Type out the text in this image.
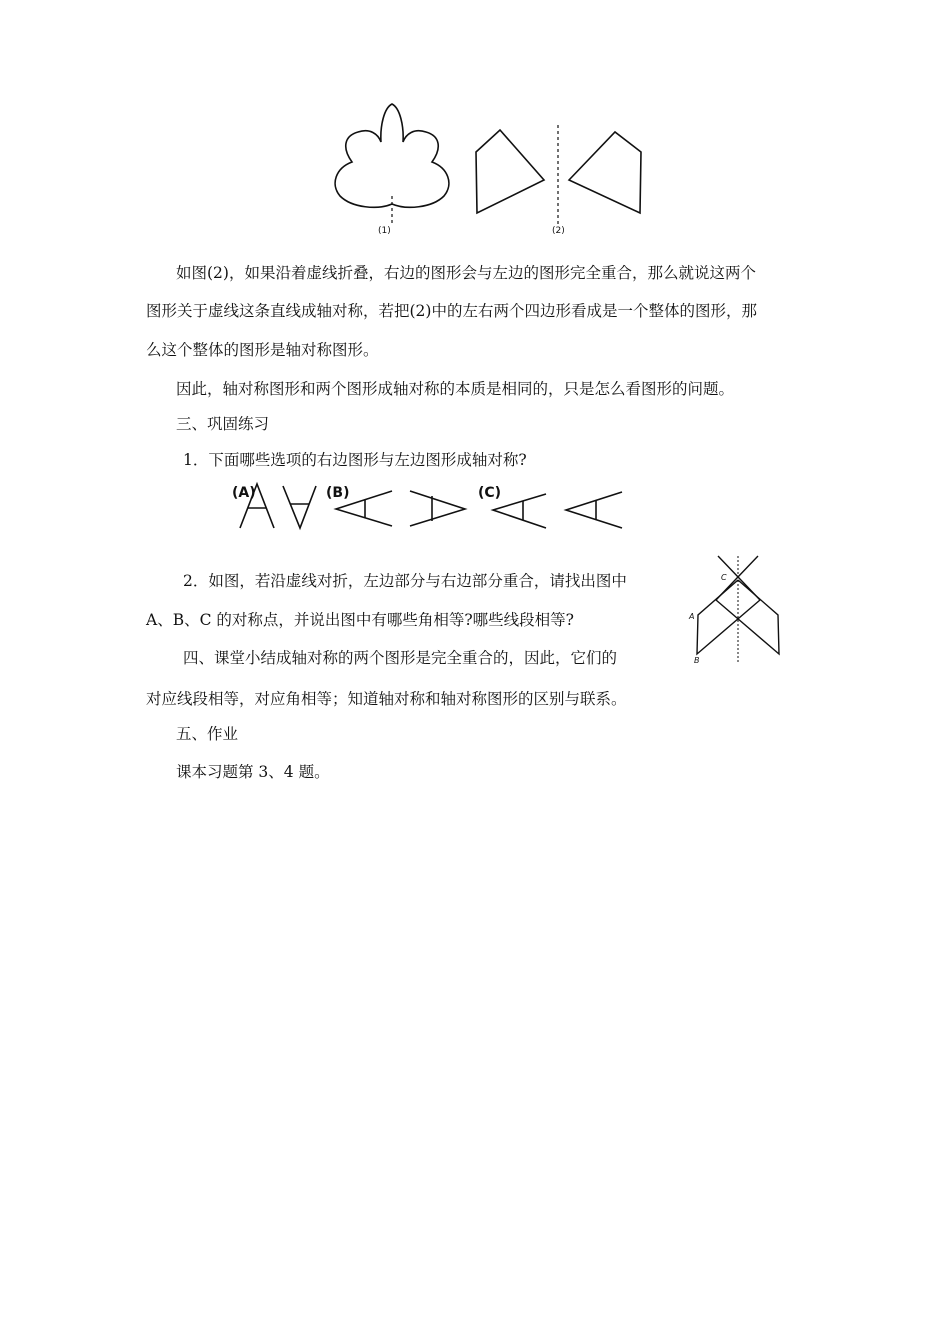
(1)	(2)
如图(2)，如果沿着虚线折叠，右边的图形会与左边的图形完全重合，那么就说这两个
图形关于虚线这条直线成轴对称，若把(2)中的左右两个四边形看成是一个整体的图形，那
么这个整体的图形是轴对称图形。
因此，轴对称图形和两个图形成轴对称的本质是相同的，只是怎么看图形的问题。
三、巩固练习
1．下面哪些选项的右边图形与左边图形成轴对称?
(A)	(B)	(C)
2．如图，若沿虚线对折，左边部分与右边部分重合，请找出图中
A、B、C 的对称点，并说出图中有哪些角相等?哪些线段相等?
C
A
B
四、课堂小结成轴对称的两个图形是完全重合的，因此，它们的
对应线段相等，对应角相等；知道轴对称和轴对称图形的区别与联系。
五、作业
课本习题第 3、4 题。
